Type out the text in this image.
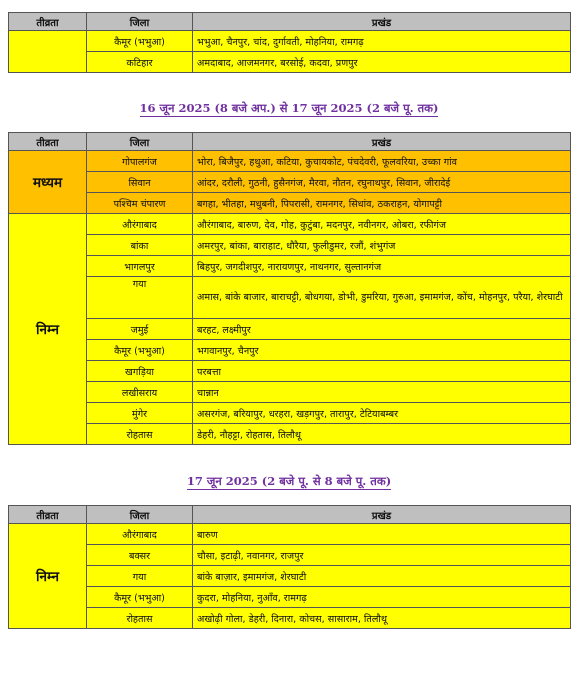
तीव्रता	जिला	प्रखंड
	कैमूर (भभुआ)	भभुआ, चैनपुर, चांद, दुर्गावती, मोहनिया, रामगढ़
	कटिहार	अमदाबाद, आजमनगर, बरसोई, कदवा, प्रणपुर
16 जून 2025 (8 बजे अप.) से 17 जून 2025 (2 बजे पू. तक)
तीव्रता	जिला	प्रखंड
मध्यम	गोपालगंज	भोरा, बिजैपुर, हथुआ, कटिया, कुचायकोट, पंचदेवरी, फूलवरिया, उच्का गांव
	सिवान	आंदर, दरौली, गुठनी, हुसैनगंज, मैरवा, नौतन, रघुनाथपुर, सिवान, जीरादेई
	पश्चिम चंपारण	बगहा, भीतहा, मधुबनी, पिपरासी, रामनगर, सिधांव, ठकराहन, योगापट्टी
निम्न	औरंगाबाद	औरंगाबाद, बारुण, देव, गोह, कुटुंबा, मदनपुर, नवीनगर, ओबरा, रफीगंज
	बांका	अमरपुर, बांका, बाराहाट, धौरैया, फुलीडुमर, रजौं, शंभुगंज
	भागलपुर	बिहपुर, जगदीशपुर, नारायणपुर, नाथनगर, सुल्तानगंज
	गया	अमास, बांके बाजार, बाराचट्टी, बोधगया, डोभी, डुमरिया, गुरुआ, इमामगंज, कोंच, मोहनपुर, परैया, शेरघाटी
	जमुई	बरहट, लक्ष्मीपुर
	कैमूर (भभुआ)	भगवानपुर, चैनपुर
	खगड़िया	परबत्ता
	लखीसराय	चान्नान
	मुंगेर	असरगंज, बरियापुर, धरहरा, खड़गपुर, तारापुर, टेटियाबम्बर
	रोहतास	डेहरी, नौहट्टा, रोहतास, तिलौथू
17 जून 2025 (2 बजे पू. से 8 बजे पू. तक)
तीव्रता	जिला	प्रखंड
निम्न	औरंगाबाद	बारुण
	बक्सर	चौसा, इटाढ़ी, नवानगर, राजपुर
	गया	बांके बाज़ार, इमामगंज, शेरघाटी
	कैमूर (भभुआ)	कुदरा, मोहनिया, नुआँव, रामगढ़
	रोहतास	अखोढ़ी गोला, डेहरी, दिनारा, कोचस, सासाराम, तिलौथू
